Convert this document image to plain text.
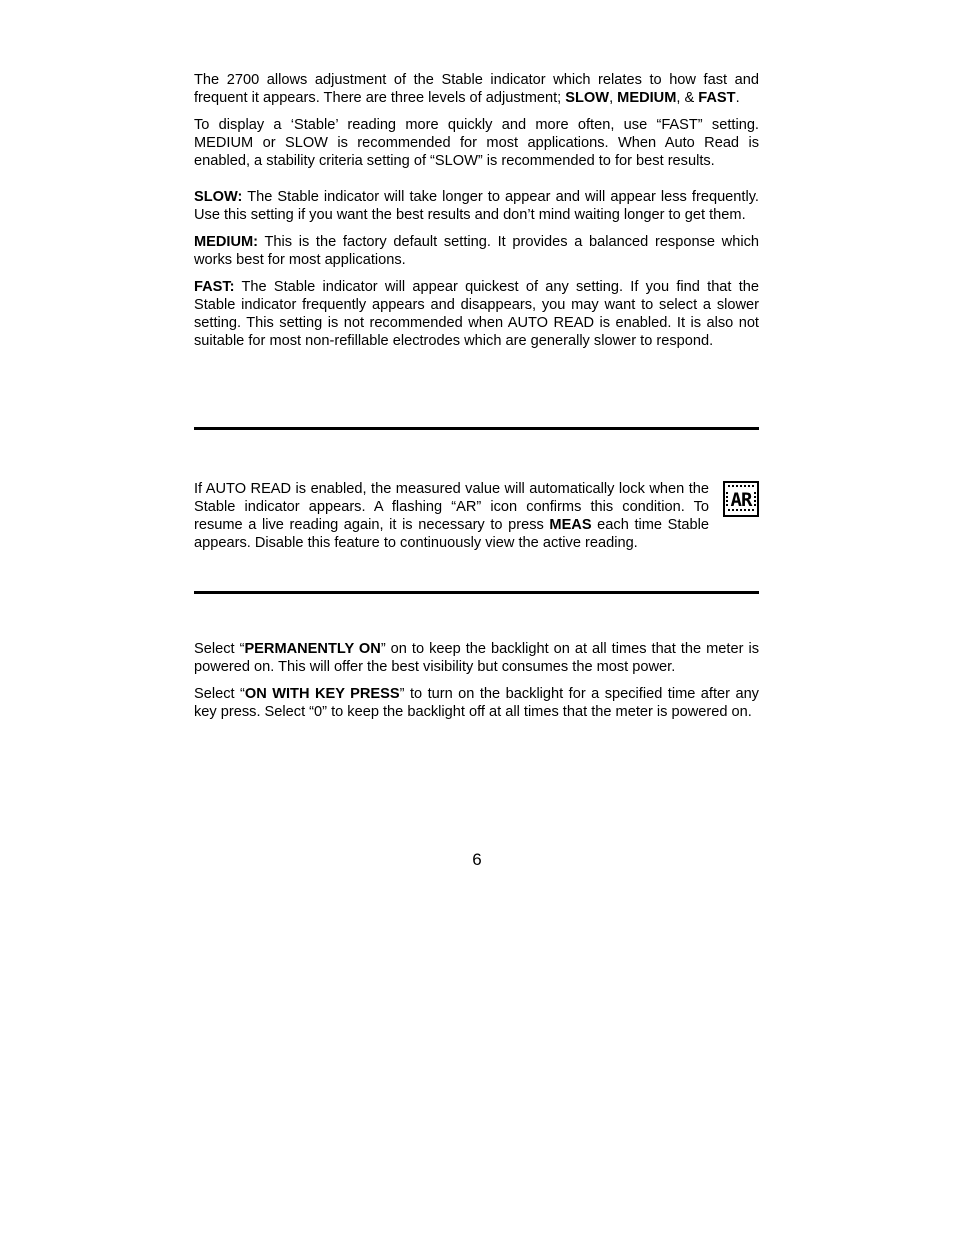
The 2700 allows adjustment of the Stable indicator which relates to how fast and frequent it appears. There are three levels of adjustment; SLOW, MEDIUM, & FAST.

To display a ‘Stable’ reading more quickly and more often, use “FAST” setting. MEDIUM or SLOW is recommended for most applications. When Auto Read is enabled, a stability criteria setting of “SLOW” is recommended to for best results.

SLOW: The Stable indicator will take longer to appear and will appear less frequently. Use this setting if you want the best results and don’t mind waiting longer to get them.

MEDIUM: This is the factory default setting. It provides a balanced response which works best for most applications.

FAST: The Stable indicator will appear quickest of any setting. If you find that the Stable indicator frequently appears and disappears, you may want to select a slower setting. This setting is not recommended when AUTO READ is enabled. It is also not suitable for most non-refillable electrodes which are generally slower to respond.

AR

If AUTO READ is enabled, the measured value will automatically lock when the Stable indicator appears. A flashing “AR” icon confirms this condition. To resume a live reading again, it is necessary to press MEAS each time Stable appears. Disable this feature to continuously view the active reading.

Select “PERMANENTLY ON” on to keep the backlight on at all times that the meter is powered on. This will offer the best visibility but consumes the most power.

Select “ON WITH KEY PRESS” to turn on the backlight for a specified time after any key press. Select “0” to keep the backlight off at all times that the meter is powered on.

6
